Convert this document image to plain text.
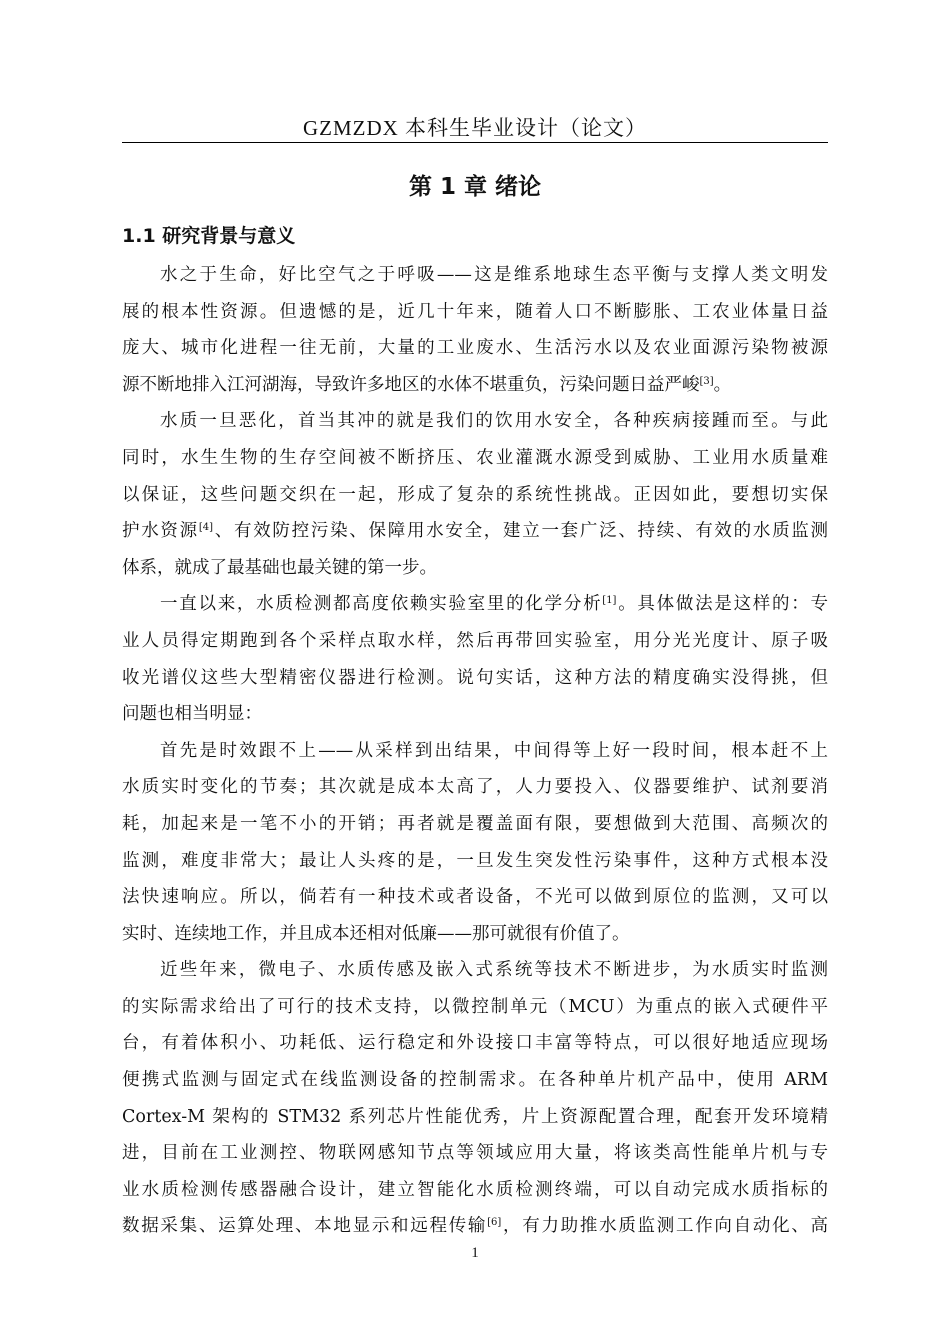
GZMZDX 本科生毕业设计（论文）
第 1 章 绪论
1.1 研究背景与意义
水之于生命，好比空气之于呼吸——这是维系地球生态平衡与支撑人类文明发
展的根本性资源。但遗憾的是，近几十年来，随着人口不断膨胀、工农业体量日益
庞大、城市化进程一往无前，大量的工业废水、生活污水以及农业面源污染物被源
源不断地排入江河湖海，导致许多地区的水体不堪重负，污染问题日益严峻[3]。
水质一旦恶化，首当其冲的就是我们的饮用水安全，各种疾病接踵而至。与此
同时，水生生物的生存空间被不断挤压、农业灌溉水源受到威胁、工业用水质量难
以保证，这些问题交织在一起，形成了复杂的系统性挑战。正因如此，要想切实保
护水资源[4]、有效防控污染、保障用水安全，建立一套广泛、持续、有效的水质监测
体系，就成了最基础也最关键的第一步。
一直以来，水质检测都高度依赖实验室里的化学分析[1]。具体做法是这样的：专
业人员得定期跑到各个采样点取水样，然后再带回实验室，用分光光度计、原子吸
收光谱仪这些大型精密仪器进行检测。说句实话，这种方法的精度确实没得挑，但
问题也相当明显：
首先是时效跟不上——从采样到出结果，中间得等上好一段时间，根本赶不上
水质实时变化的节奏；其次就是成本太高了，人力要投入、仪器要维护、试剂要消
耗，加起来是一笔不小的开销；再者就是覆盖面有限，要想做到大范围、高频次的
监测，难度非常大；最让人头疼的是，一旦发生突发性污染事件，这种方式根本没
法快速响应。所以，倘若有一种技术或者设备，不光可以做到原位的监测，又可以
实时、连续地工作，并且成本还相对低廉——那可就很有价值了。
近些年来，微电子、水质传感及嵌入式系统等技术不断进步，为水质实时监测
的实际需求给出了可行的技术支持，以微控制单元（MCU）为重点的嵌入式硬件平
台，有着体积小、功耗低、运行稳定和外设接口丰富等特点，可以很好地适应现场
便携式监测与固定式在线监测设备的控制需求。在各种单片机产品中，使用 ARM
Cortex-M 架构的 STM32 系列芯片性能优秀，片上资源配置合理，配套开发环境精
进，目前在工业测控、物联网感知节点等领域应用大量，将该类高性能单片机与专
业水质检测传感器融合设计，建立智能化水质检测终端，可以自动完成水质指标的
数据采集、运算处理、本地显示和远程传输[6]，有力助推水质监测工作向自动化、高
1
